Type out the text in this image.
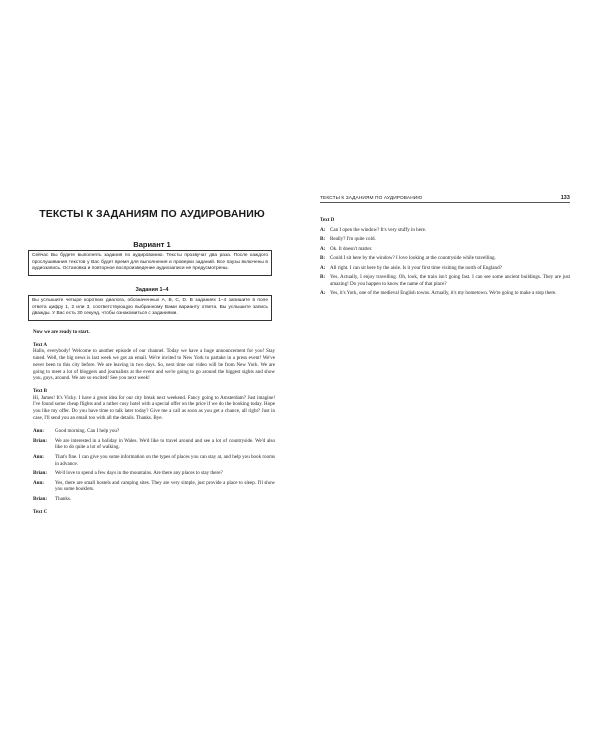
ТЕКСТЫ К ЗАДАНИЯМ ПО АУДИРОВАНИЮ
Вариант 1
Сейчас Вы будете выполнять задания по аудированию. Тексты прозвучат два раза. После каждого прослушивания текстов у Вас будет время для выполнения и проверки заданий. Все паузы включены в аудиозапись. Остановка и повторное воспроизведение аудиозаписи не предусмотрены.
Задания 1–4
Вы услышите четыре коротких диалога, обозначенных A, B, C, D. В заданиях 1–4 запишите в поле ответа цифру 1, 2 или 3, соответствующую выбранному Вами варианту ответа. Вы услышите запись дважды. У Вас есть 30 секунд, чтобы ознакомиться с заданиями.

Now we are ready to start.

Text A

Hallo, everybody! Welcome to another episode of our channel. Today we have a huge announcement for you! Stay tuned. Well, the big news is last week we got an email. We're invited to New York to partake in a press event! We've never been to this city before. We are leaving in two days. So, next time our video will be from New York. We are going to meet a lot of bloggers and journalists at the event and we're going to go around the biggest sights and show you, guys, around. We are so excited! See you next week!

Text B

Hi, James! It's Vicky. I have a great idea for our city break next weekend. Fancy going to Amsterdam? Just imagine! I've found some cheap flights and a rather cosy hotel with a special offer on the price if we do the booking today. Hope you like my offer. Do you have time to talk later today? Give me a call as soon as you get a chance, all right? Just in case, I'll send you an email too with all the details. Thanks. Bye.

Ann:	Good morning. Can I help you?
Brian:	We are interested in a holiday in Wales. We'd like to travel around and see a lot of countryside. We'd also like to do quite a lot of walking.
Ann:	That's fine. I can give you some information on the types of places you can stay at, and help you book rooms in advance.
Brian:	We'd love to spend a few days in the mountains. Are there any places to stay there?
Ann:	Yes, there are small hostels and camping sites. They are very simple, just provide a place to sleep. I'll show you some booklets.
Brian:	Thanks.

Text C

ТЕКСТЫ К ЗАДАНИЯМ ПО АУДИРОВАНИЮ	133

Text D

A: Can I open the window? It's very stuffy in here.
B: Really? I'm quite cold.
A: Ok. It doesn't matter.
B: Could I sit here by the window? I love looking at the countryside while travelling.
A: All right. I can sit here by the aisle. Is it your first time visiting the north of England?
B: Yes. Actually, I enjoy travelling. Oh, look, the train isn't going fast. I can see some ancient buildings. They are just amazing! Do you happen to know the name of that place?
A: Yes, it's York, one of the medieval English towns. Actually, it's my hometown. We're going to make a stop there.
